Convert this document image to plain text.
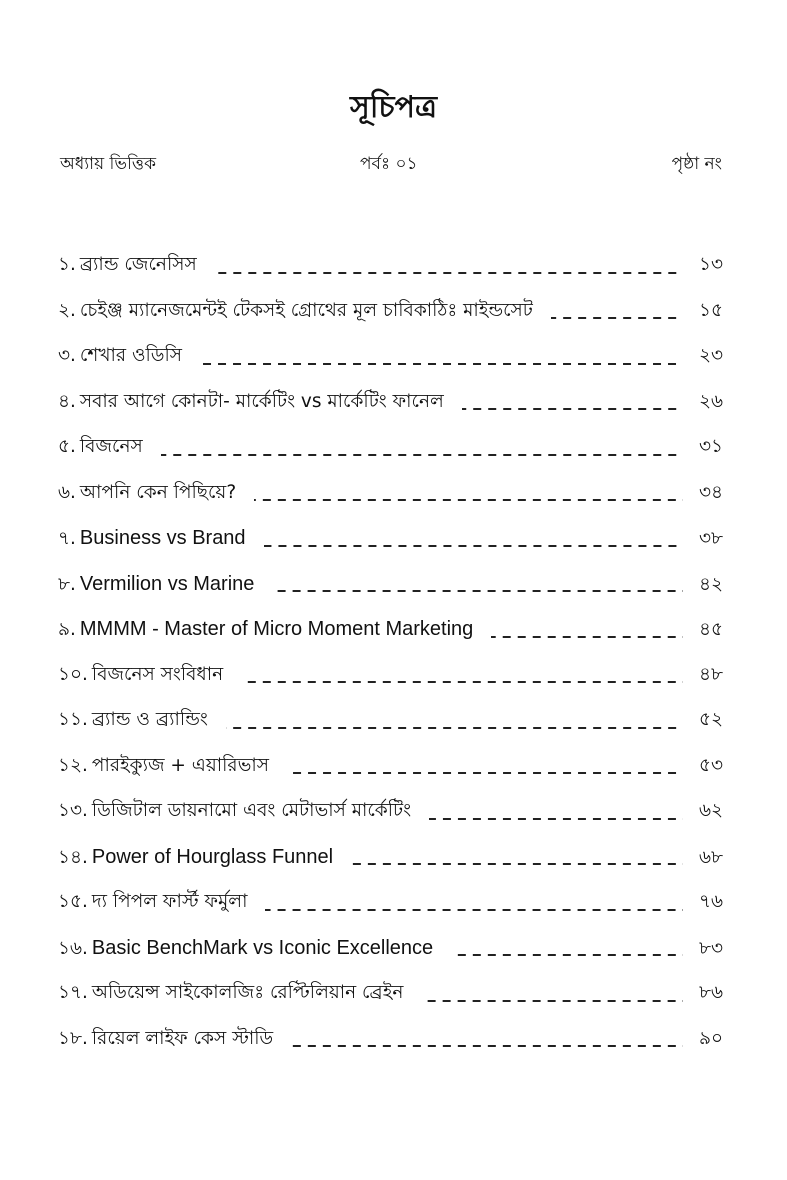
সূচিপত্র
অধ্যায় ভিত্তিক	পর্বঃ ০১	পৃষ্ঠা নং
১. ব্র্যান্ড জেনেসিস	১৩
২. চেইঞ্জ ম্যানেজমেন্টই টেকসই গ্রোথের মূল চাবিকাঠিঃ মাইন্ডসেট	১৫
৩. শেখার ওডিসি	২৩
৪. সবার আগে কোনটা- মার্কেটিং vs মার্কেটিং ফানেল	২৬
৫. বিজনেস	৩১
৬. আপনি কেন পিছিয়ে?	৩৪
৭. Business vs Brand	৩৮
৮. Vermilion vs Marine	৪২
৯. MMMM - Master of Micro Moment Marketing	৪৫
১০. বিজনেস সংবিধান	৪৮
১১. ব্র্যান্ড ও ব্র্যান্ডিং	৫২
১২. পারইক্যুজ + এয়ারিভাস	৫৩
১৩. ডিজিটাল ডায়নামো এবং মেটাভার্স মার্কেটিং	৬২
১৪. Power of Hourglass Funnel	৬৮
১৫. দ্য পিপল ফার্স্ট ফর্মুলা	৭৬
১৬. Basic BenchMark vs Iconic Excellence	৮৩
১৭. অডিয়েন্স সাইকোলজিঃ রেপ্টিলিয়ান ব্রেইন	৮৬
১৮. রিয়েল লাইফ কেস স্টাডি	৯০
